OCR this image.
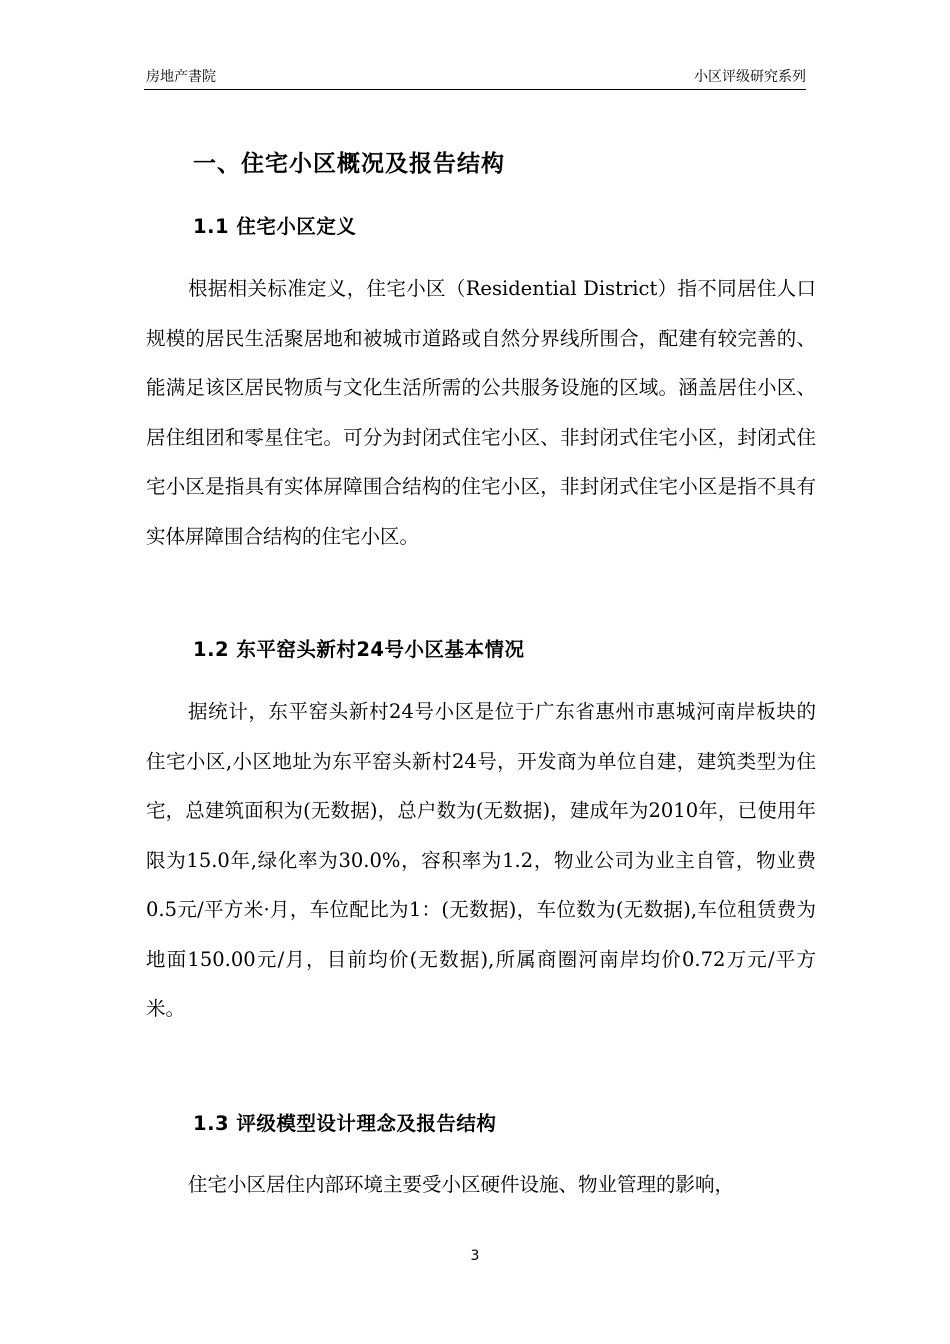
房地产書院	小区评级研究系列
一、住宅小区概况及报告结构
1.1 住宅小区定义

根据相关标准定义，住宅小区（Residential District）指不同居住人口规模的居民生活聚居地和被城市道路或自然分界线所围合，配建有较完善的、能满足该区居民物质与文化生活所需的公共服务设施的区域。涵盖居住小区、居住组团和零星住宅。可分为封闭式住宅小区、非封闭式住宅小区，封闭式住宅小区是指具有实体屏障围合结构的住宅小区，非封闭式住宅小区是指不具有实体屏障围合结构的住宅小区。

1.2 东平窑头新村24号小区基本情况

据统计，东平窑头新村24号小区是位于广东省惠州市惠城河南岸板块的住宅小区,小区地址为东平窑头新村24号，开发商为单位自建，建筑类型为住宅，总建筑面积为(无数据)，总户数为(无数据)，建成年为2010年，已使用年限为15.0年,绿化率为30.0%，容积率为1.2，物业公司为业主自管，物业费0.5元/平方米·月，车位配比为1：(无数据)，车位数为(无数据),车位租赁费为地面150.00元/月，目前均价(无数据),所属商圈河南岸均价0.72万元/平方米。

1.3 评级模型设计理念及报告结构

住宅小区居住内部环境主要受小区硬件设施、物业管理的影响，

3
